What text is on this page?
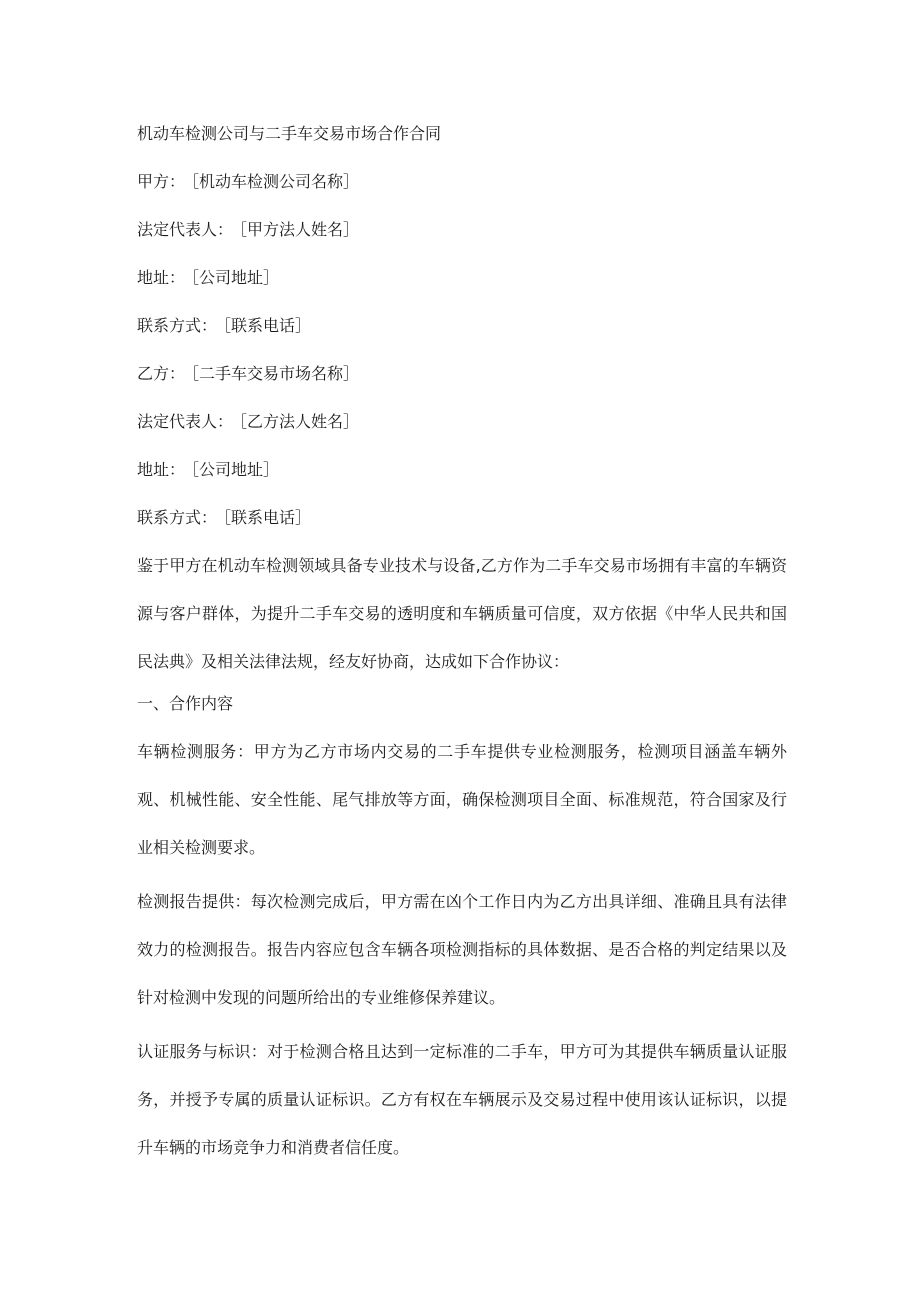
机动车检测公司与二手车交易市场合作合同
甲方： ［机动车检测公司名称］
法定代表人： ［甲方法人姓名］
地址： ［公司地址］
联系方式： ［联系电话］
乙方： ［二手车交易市场名称］
法定代表人： ［乙方法人姓名］
地址： ［公司地址］
联系方式： ［联系电话］

鉴于甲方在机动车检测领域具备专业技术与设备,乙方作为二手车交易市场拥有丰富的车辆资源与客户群体，为提升二手车交易的透明度和车辆质量可信度，双方依据《中华人民共和国民法典》及相关法律法规，经友好协商，达成如下合作协议：

一、合作内容

车辆检测服务：甲方为乙方市场内交易的二手车提供专业检测服务，检测项目涵盖车辆外观、机械性能、安全性能、尾气排放等方面，确保检测项目全面、标准规范，符合国家及行业相关检测要求。

检测报告提供：每次检测完成后，甲方需在凶个工作日内为乙方出具详细、准确且具有法律效力的检测报告。报告内容应包含车辆各项检测指标的具体数据、是否合格的判定结果以及针对检测中发现的问题所给出的专业维修保养建议。

认证服务与标识：对于检测合格且达到一定标准的二手车，甲方可为其提供车辆质量认证服务，并授予专属的质量认证标识。乙方有权在车辆展示及交易过程中使用该认证标识，以提升车辆的市场竞争力和消费者信任度。
